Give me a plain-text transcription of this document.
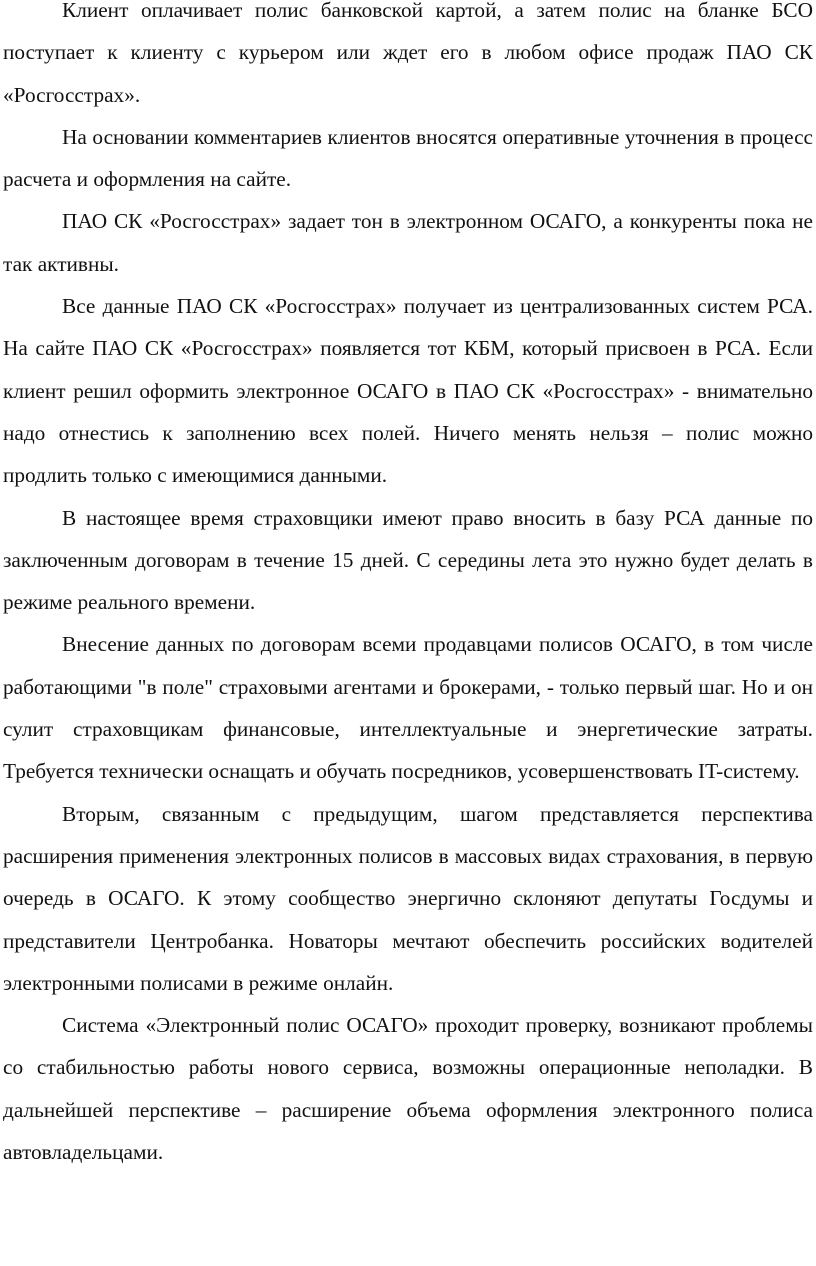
Клиент оплачивает полис банковской картой, а затем полис на бланке БСО поступает к клиенту с курьером или ждет его в любом офисе продаж ПАО СК «Росгосстрах».

На основании комментариев клиентов вносятся оперативные уточнения в процесс расчета и оформления на сайте.

ПАО СК «Росгосстрах» задает тон в электронном ОСАГО, а конкуренты пока не так активны.

Все данные ПАО СК «Росгосстрах» получает из централизованных систем РСА. На сайте ПАО СК «Росгосстрах» появляется тот КБМ, который присвоен в РСА. Если клиент решил оформить электронное ОСАГО в ПАО СК «Росгосстрах» - внимательно надо отнестись к заполнению всех полей. Ничего менять нельзя – полис можно продлить только с имеющимися данными.

В настоящее время страховщики имеют право вносить в базу РСА данные по заключенным договорам в течение 15 дней. С середины лета это нужно будет делать в режиме реального времени.

Внесение данных по договорам всеми продавцами полисов ОСАГО, в том числе работающими "в поле" страховыми агентами и брокерами, - только первый шаг. Но и он сулит страховщикам финансовые, интеллектуальные и энергетические затраты. Требуется технически оснащать и обучать посредников, усовершенствовать IT-систему.

Вторым, связанным с предыдущим, шагом представляется перспектива расширения применения электронных полисов в массовых видах страхования, в первую очередь в ОСАГО. К этому сообщество энергично склоняют депутаты Госдумы и представители Центробанка. Новаторы мечтают обеспечить российских водителей электронными полисами в режиме онлайн.

Система «Электронный полис ОСАГО» проходит проверку, возникают проблемы со стабильностью работы нового сервиса, возможны операционные неполадки. В дальнейшей перспективе – расширение объема оформления электронного полиса автовладельцами.
